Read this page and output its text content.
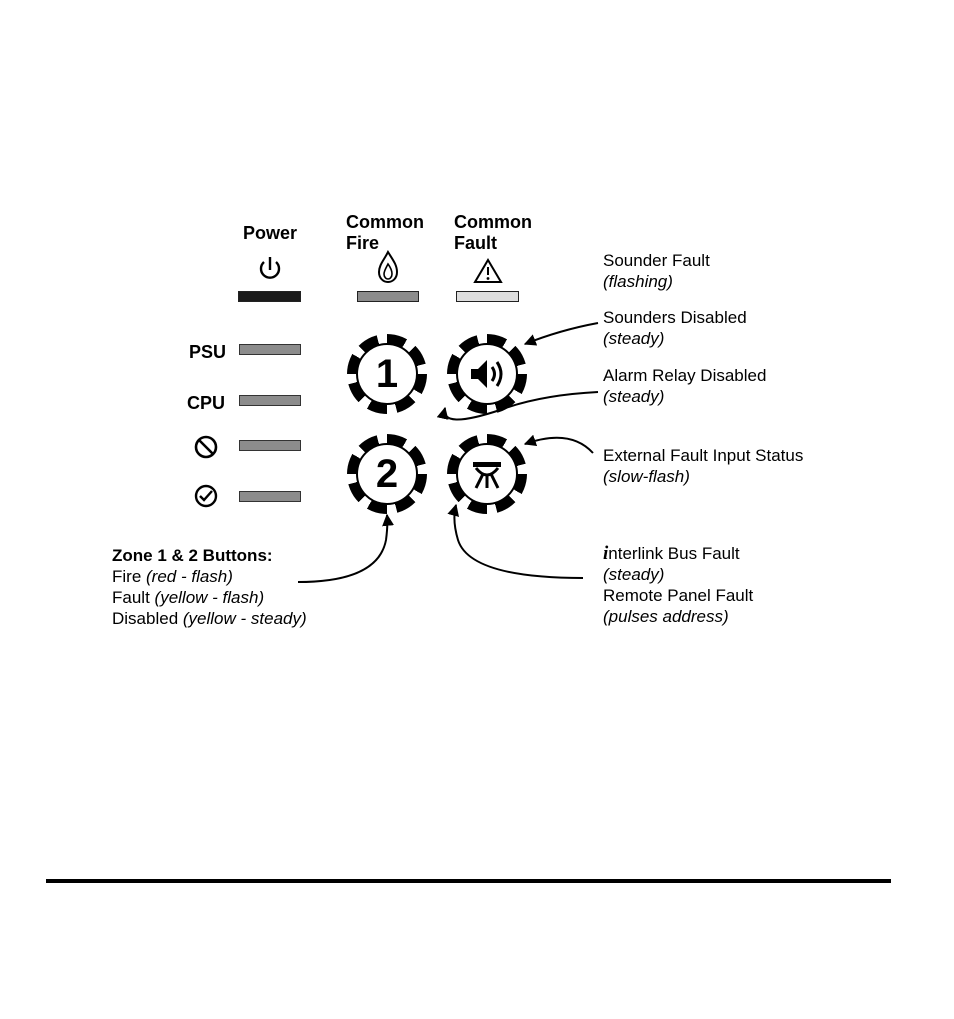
Power
Common
Fire
Common
Fault
PSU
CPU
1
2
Sounder Fault
(flashing)
Sounders Disabled
(steady)
Alarm Relay Disabled
(steady)
External Fault Input Status
(slow-flash)
interlink Bus Fault
(steady)
Remote Panel Fault
(pulses address)
Zone 1 & 2 Buttons:
Fire (red - flash)
Fault (yellow - flash)
Disabled (yellow - steady)
